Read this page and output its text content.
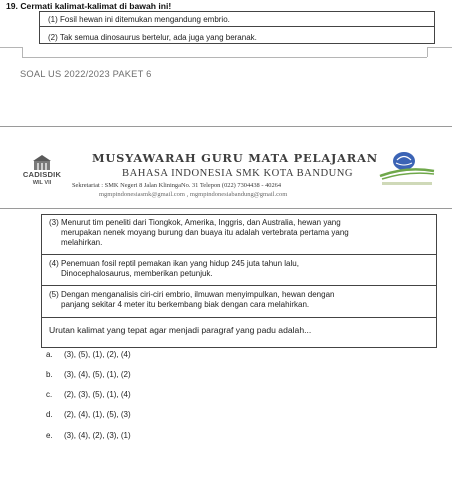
19. Cermati kalimat-kalimat di bawah ini!
(1) Fosil hewan ini ditemukan mengandung embrio.
(2) Tak semua dinosaurus bertelur, ada juga yang beranak.
SOAL US 2022/2023 PAKET 6
CADISDIK
WIL VII
MUSYAWARAH GURU MATA PELAJARAN
BAHASA INDONESIA SMK KOTA BANDUNG
Sekretariat : SMK Negeri 8 Jalan KliningaNo. 31 Telepon (022) 7304438 - 40264
mgmpindonesiasmk@gmail.com , mgmpindonesiabandung@gmail.com
(3) Menurut tim peneliti dari Tiongkok, Amerika, Inggris, dan Australia, hewan yang
merupakan nenek moyang burung dan buaya itu adalah vertebrata pertama yang
melahirkan.
(4) Penemuan fosil reptil pemakan ikan yang hidup 245 juta tahun lalu,
Dinocephalosaurus, memberikan petunjuk.
(5) Dengan menganalisis ciri-ciri embrio, ilmuwan menyimpulkan, hewan dengan
panjang sekitar 4 meter itu berkembang biak dengan cara melahirkan.
Urutan kalimat yang tepat agar menjadi paragraf yang padu adalah...
a. (3), (5), (1), (2), (4)
b. (3), (4), (5), (1), (2)
c. (2), (3), (5), (1), (4)
d. (2), (4), (1), (5), (3)
e. (3), (4), (2), (3), (1)
